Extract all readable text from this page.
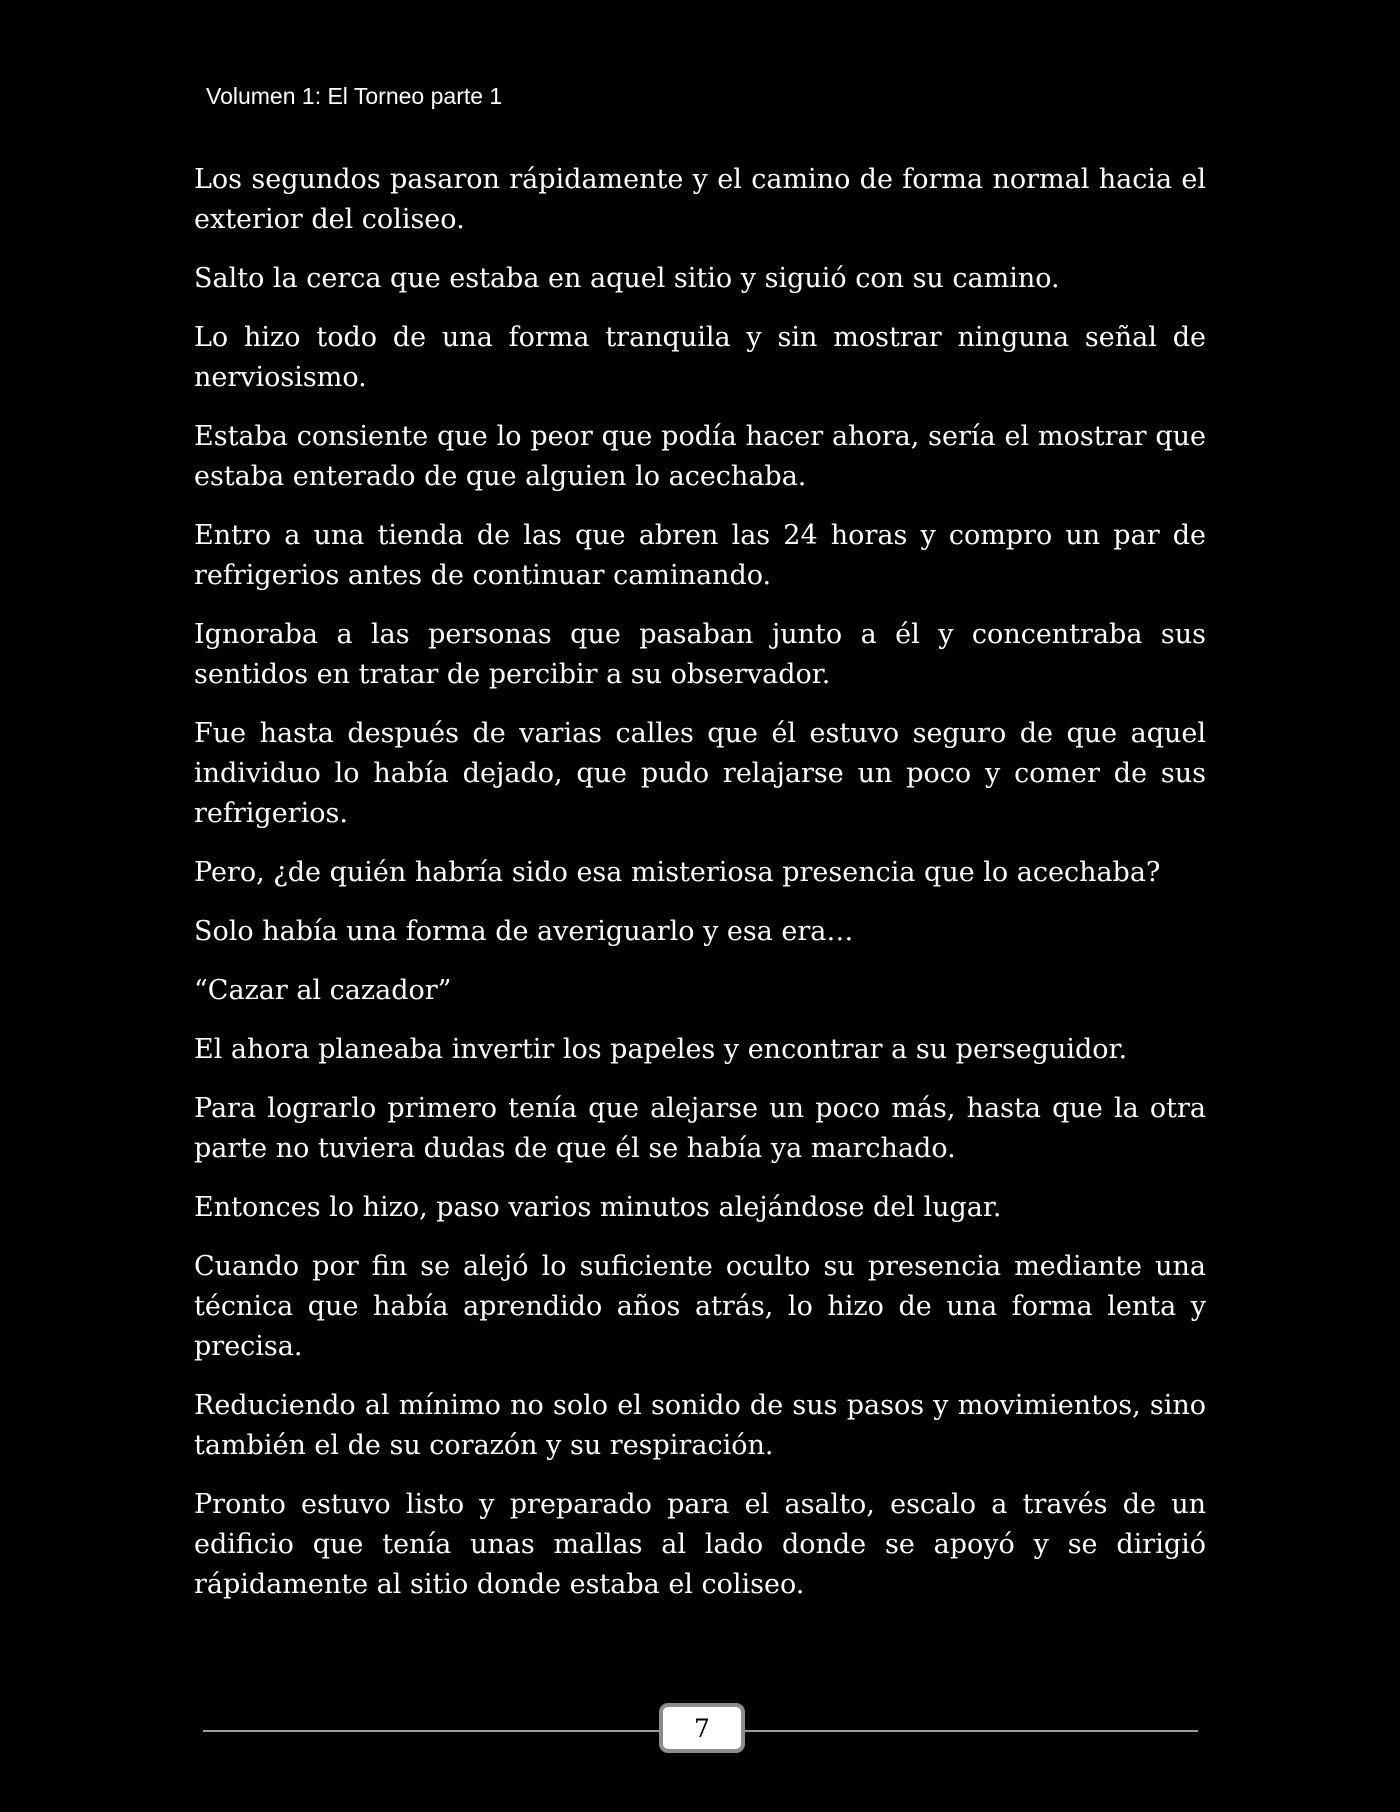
Volumen 1: El Torneo parte 1

Los segundos pasaron rápidamente y el camino de forma normal hacia el exterior del coliseo.

Salto la cerca que estaba en aquel sitio y siguió con su camino.

Lo hizo todo de una forma tranquila y sin mostrar ninguna señal de nerviosismo.

Estaba consiente que lo peor que podía hacer ahora, sería el mostrar que estaba enterado de que alguien lo acechaba.

Entro a una tienda de las que abren las 24 horas y compro un par de refrigerios antes de continuar caminando.

Ignoraba a las personas que pasaban junto a él y concentraba sus sentidos en tratar de percibir a su observador.

Fue hasta después de varias calles que él estuvo seguro de que aquel individuo lo había dejado, que pudo relajarse un poco y comer de sus refrigerios.

Pero, ¿de quién habría sido esa misteriosa presencia que lo acechaba?

Solo había una forma de averiguarlo y esa era…

“Cazar al cazador”

El ahora planeaba invertir los papeles y encontrar a su perseguidor.

Para lograrlo primero tenía que alejarse un poco más, hasta que la otra parte no tuviera dudas de que él se había ya marchado.

Entonces lo hizo, paso varios minutos alejándose del lugar.

Cuando por fin se alejó lo suficiente oculto su presencia mediante una técnica que había aprendido años atrás, lo hizo de una forma lenta y precisa.

Reduciendo al mínimo no solo el sonido de sus pasos y movimientos, sino también el de su corazón y su respiración.

Pronto estuvo listo y preparado para el asalto, escalo a través de un edificio que tenía unas mallas al lado donde se apoyó y se dirigió rápidamente al sitio donde estaba el coliseo.

7
